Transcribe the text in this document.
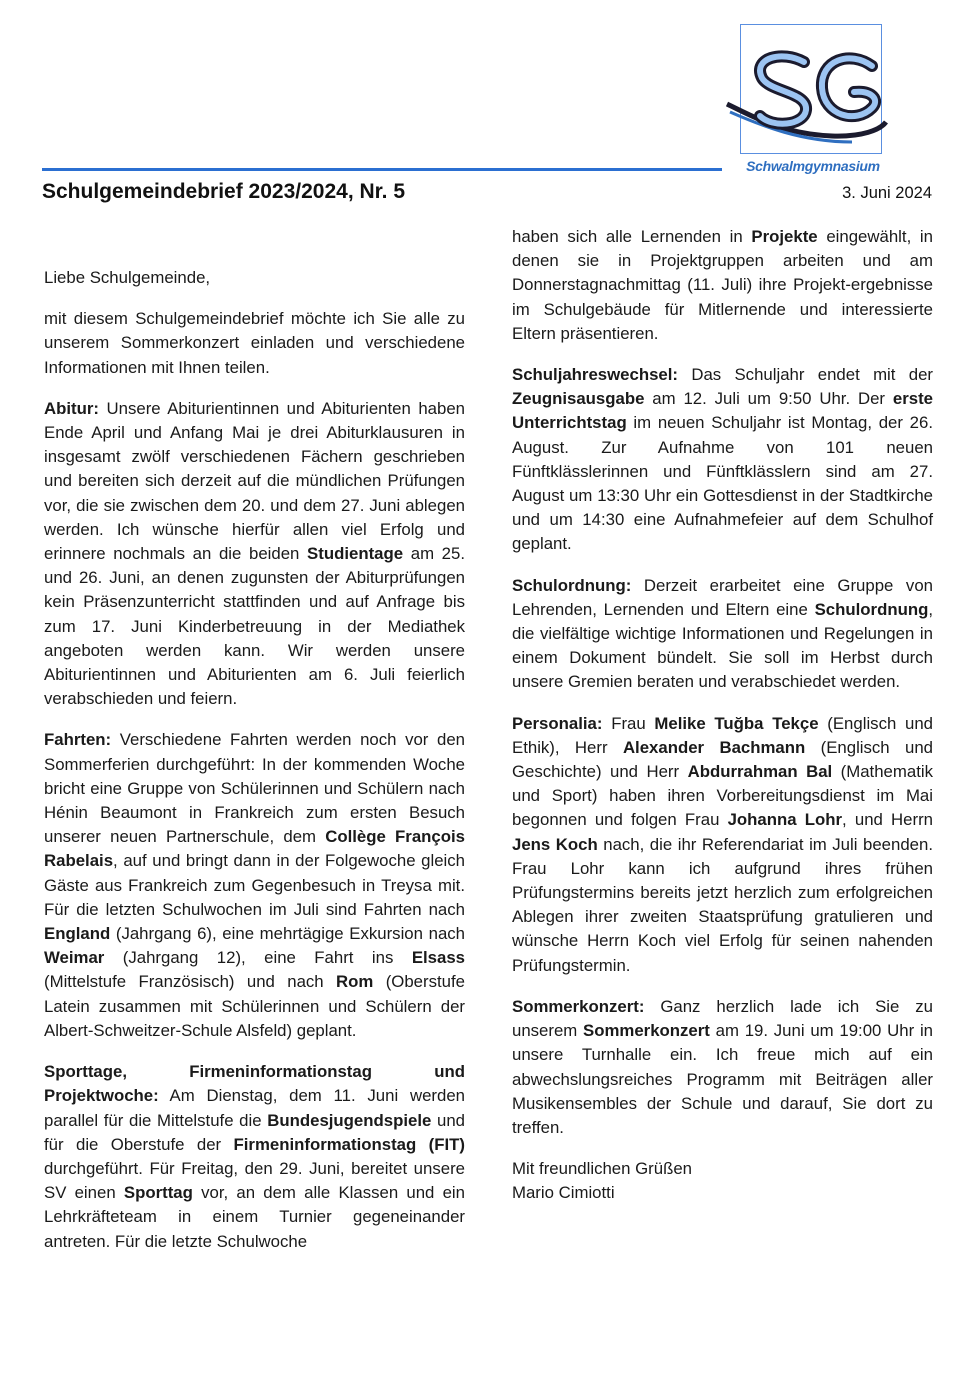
Schwalmgymnasium
Schulgemeindebrief 2023/2024, Nr. 5	3. Juni 2024

Liebe Schulgemeinde,

mit diesem Schulgemeindebrief möchte ich Sie alle zu unserem Sommerkonzert einladen und verschiedene Informationen mit Ihnen teilen.

Abitur: Unsere Abiturientinnen und Abiturienten haben Ende April und Anfang Mai je drei Abiturklausuren in insgesamt zwölf verschiedenen Fächern geschrieben und bereiten sich derzeit auf die mündlichen Prüfungen vor, die sie zwischen dem 20. und dem 27. Juni ablegen werden. Ich wünsche hierfür allen viel Erfolg und erinnere nochmals an die beiden Studientage am 25. und 26. Juni, an denen zugunsten der Abiturprüfungen kein Präsenzunterricht stattfinden und auf Anfrage bis zum 17. Juni Kinderbetreuung in der Mediathek angeboten werden kann. Wir werden unsere Abiturientinnen und Abiturienten am 6. Juli feierlich verabschieden und feiern.

Fahrten: Verschiedene Fahrten werden noch vor den Sommerferien durchgeführt: In der kommenden Woche bricht eine Gruppe von Schülerinnen und Schülern nach Hénin Beaumont in Frankreich zum ersten Besuch unserer neuen Partnerschule, dem Collège François Rabelais, auf und bringt dann in der Folgewoche gleich Gäste aus Frankreich zum Gegenbesuch in Treysa mit. Für die letzten Schulwochen im Juli sind Fahrten nach England (Jahrgang 6), eine mehrtägige Exkursion nach Weimar (Jahrgang 12), eine Fahrt ins Elsass (Mittelstufe Französisch) und nach Rom (Oberstufe Latein zusammen mit Schülerinnen und Schülern der Albert-Schweitzer-Schule Alsfeld) geplant.

Sporttage, Firmeninformationstag und Projektwoche: Am Dienstag, dem 11. Juni werden parallel für die Mittelstufe die Bundesjugendspiele und für die Oberstufe der Firmeninformationstag (FIT) durchgeführt. Für Freitag, den 29. Juni, bereitet unsere SV einen Sporttag vor, an dem alle Klassen und ein Lehrkräfteteam in einem Turnier gegeneinander antreten. Für die letzte Schulwoche

haben sich alle Lernenden in Projekte eingewählt, in denen sie in Projektgruppen arbeiten und am Donnerstagnachmittag (11. Juli) ihre Projekt-ergebnisse im Schulgebäude für Mitlernende und interessierte Eltern präsentieren.

Schuljahreswechsel: Das Schuljahr endet mit der Zeugnisausgabe am 12. Juli um 9:50 Uhr. Der erste Unterrichtstag im neuen Schuljahr ist Montag, der 26. August. Zur Aufnahme von 101 neuen Fünftklässlerinnen und Fünftklässlern sind am 27. August um 13:30 Uhr ein Gottesdienst in der Stadtkirche und um 14:30 eine Aufnahmefeier auf dem Schulhof geplant.

Schulordnung: Derzeit erarbeitet eine Gruppe von Lehrenden, Lernenden und Eltern eine Schulordnung, die vielfältige wichtige Informationen und Regelungen in einem Dokument bündelt. Sie soll im Herbst durch unsere Gremien beraten und verabschiedet werden.

Personalia: Frau Melike Tuğba Tekçe (Englisch und Ethik), Herr Alexander Bachmann (Englisch und Geschichte) und Herr Abdurrahman Bal (Mathematik und Sport) haben ihren Vorbereitungsdienst im Mai begonnen und folgen Frau Johanna Lohr, und Herrn Jens Koch nach, die ihr Referendariat im Juli beenden. Frau Lohr kann ich aufgrund ihres frühen Prüfungstermins bereits jetzt herzlich zum erfolgreichen Ablegen ihrer zweiten Staatsprüfung gratulieren und wünsche Herrn Koch viel Erfolg für seinen nahenden Prüfungstermin.

Sommerkonzert: Ganz herzlich lade ich Sie zu unserem Sommerkonzert am 19. Juni um 19:00 Uhr in unsere Turnhalle ein. Ich freue mich auf ein abwechslungsreiches Programm mit Beiträgen aller Musikensembles der Schule und darauf, Sie dort zu treffen.

Mit freundlichen Grüßen

Mario Cimiotti
